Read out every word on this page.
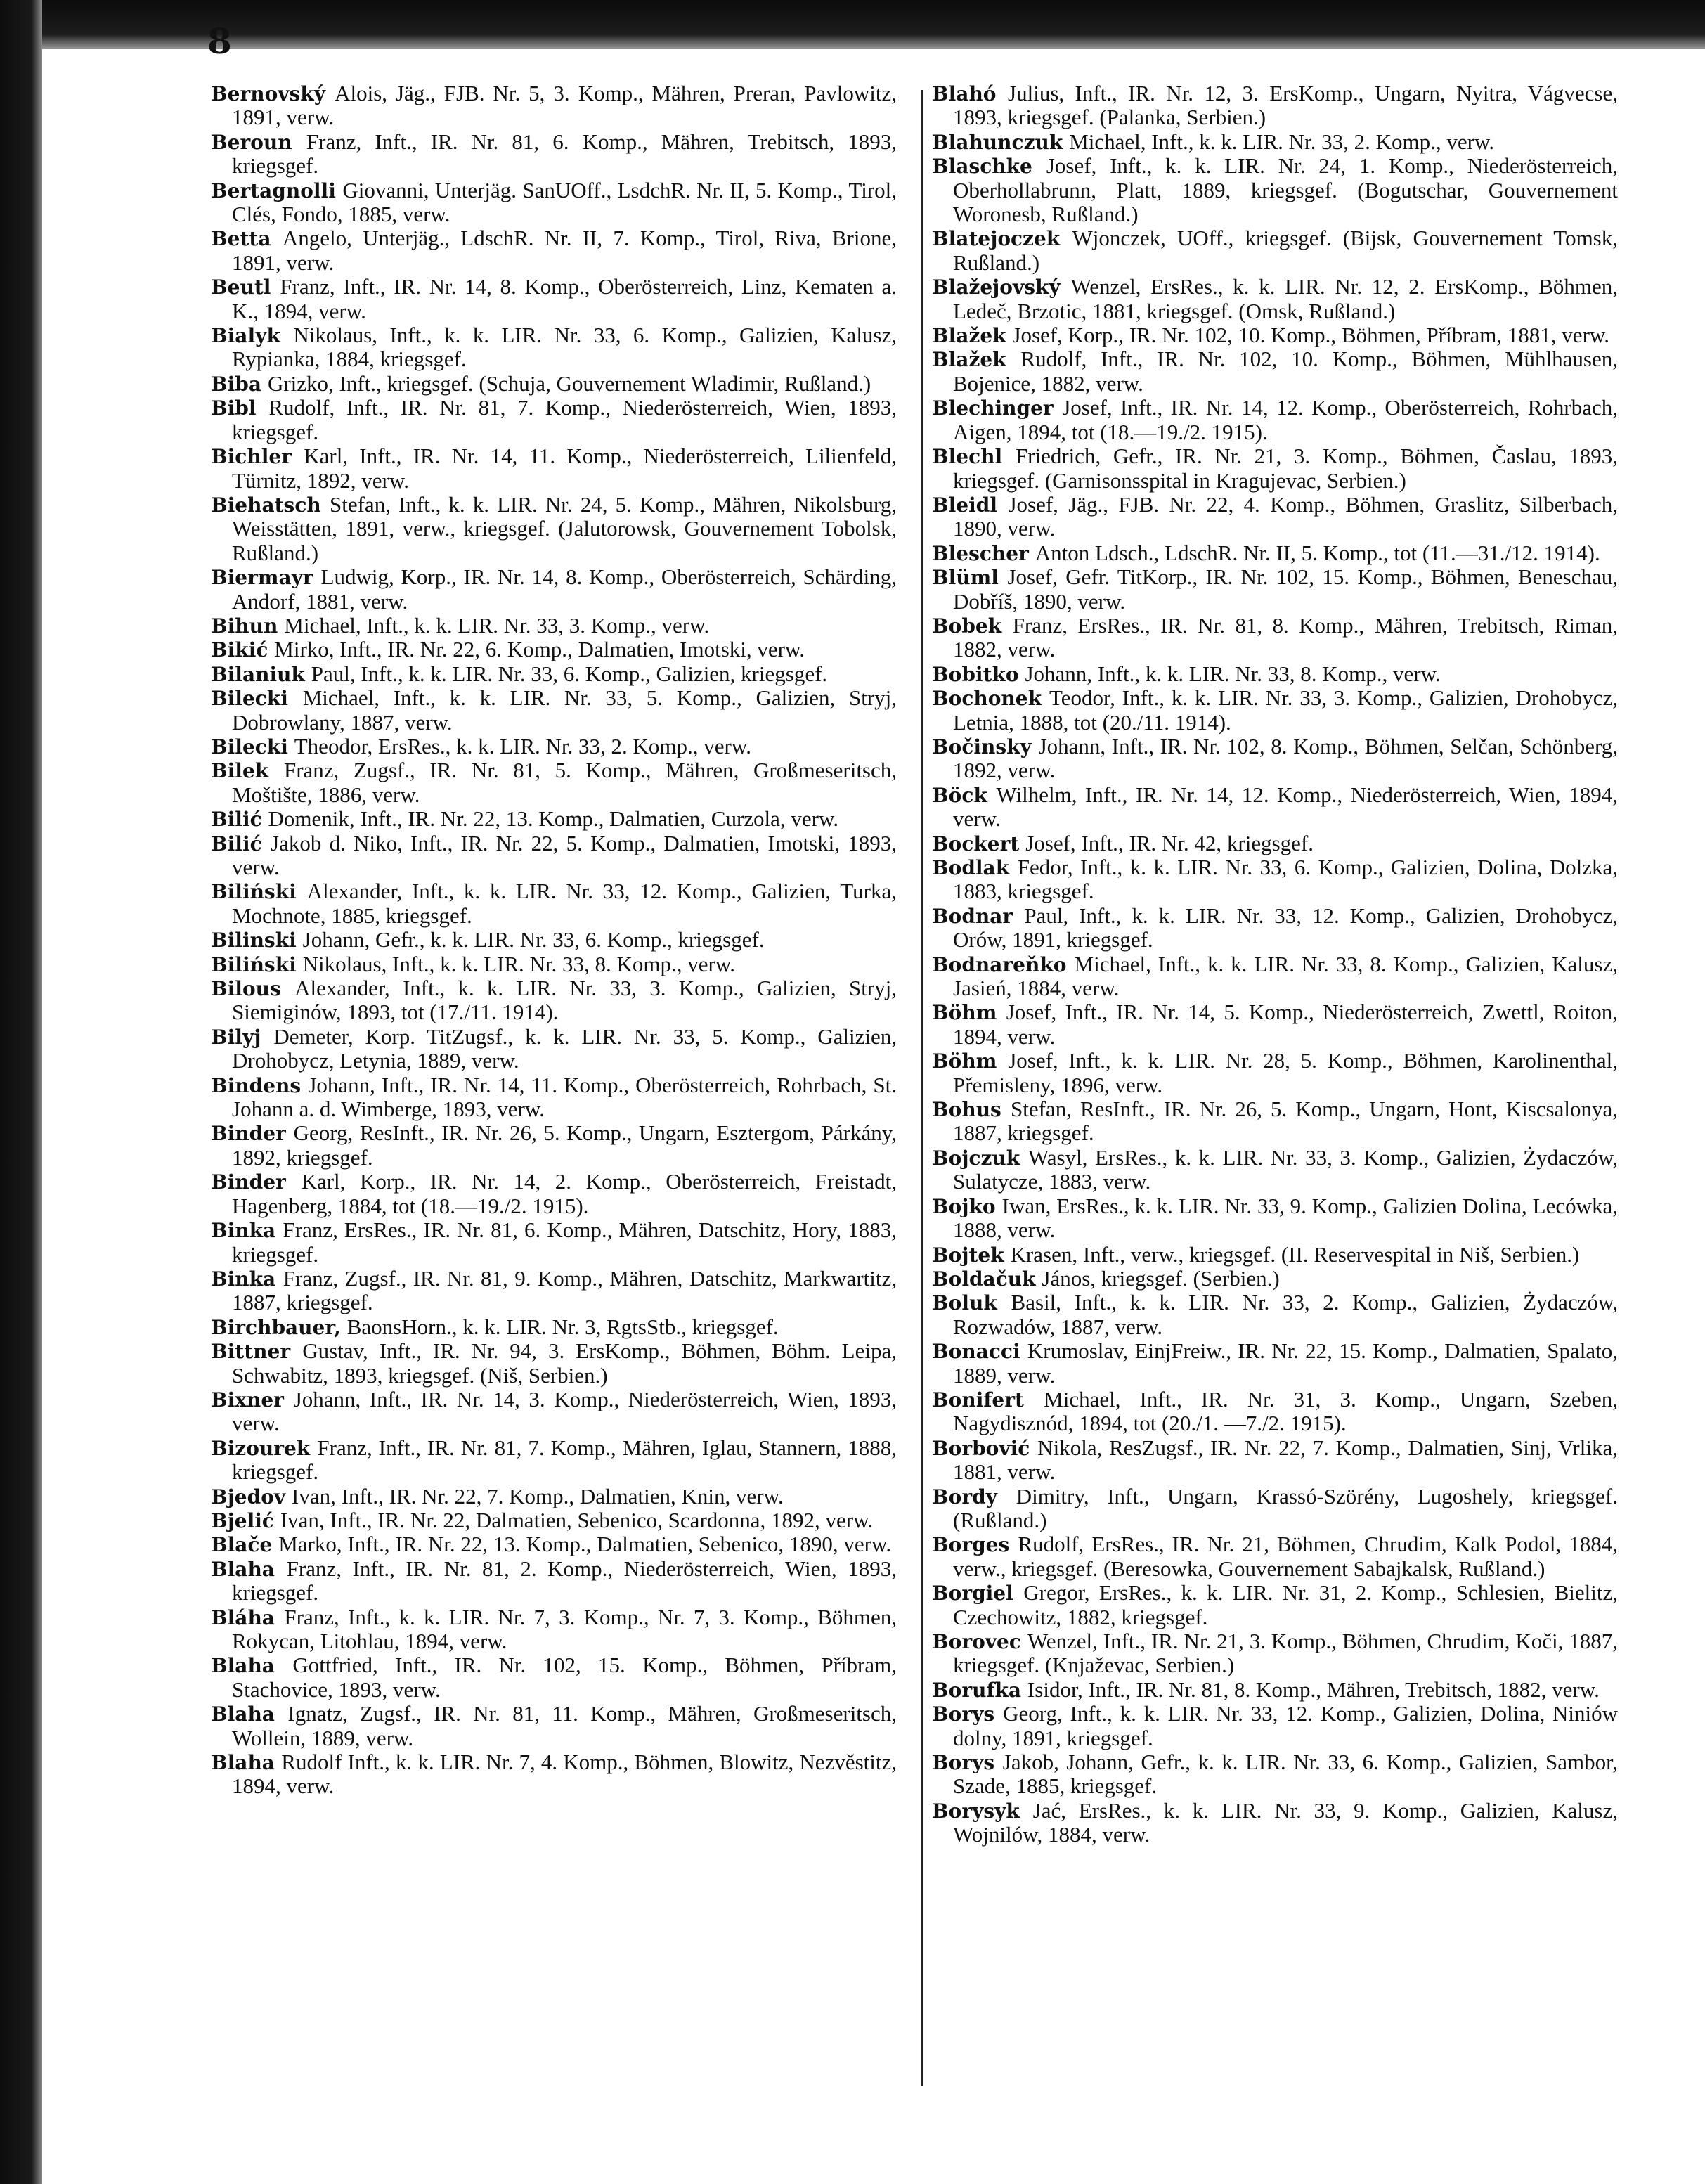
8
Bernovský Alois, Jäg., FJB. Nr. 5, 3. Komp., Mähren, Preran, Pavlowitz, 1891, verw.
Beroun Franz, Inft., IR. Nr. 81, 6. Komp., Mähren, Trebitsch, 1893, kriegsgef.
Bertagnolli Giovanni, Unterjäg. SanUOff., LsdchR. Nr. II, 5. Komp., Tirol, Clés, Fondo, 1885, verw.
Betta Angelo, Unterjäg., LdschR. Nr. II, 7. Komp., Tirol, Riva, Brione, 1891, verw.
Beutl Franz, Inft., IR. Nr. 14, 8. Komp., Oberösterreich, Linz, Kematen a. K., 1894, verw.
Bialyk Nikolaus, Inft., k. k. LIR. Nr. 33, 6. Komp., Galizien, Kalusz, Rypianka, 1884, kriegsgef.
Biba Grizko, Inft., kriegsgef. (Schuja, Gouvernement Wladimir, Rußland.)
Bibl Rudolf, Inft., IR. Nr. 81, 7. Komp., Niederösterreich, Wien, 1893, kriegsgef.
Bichler Karl, Inft., IR. Nr. 14, 11. Komp., Niederösterreich, Lilienfeld, Türnitz, 1892, verw.
Biehatsch Stefan, Inft., k. k. LIR. Nr. 24, 5. Komp., Mähren, Nikolsburg, Weisstätten, 1891, verw., kriegsgef. (Jalutorowsk, Gouvernement Tobolsk, Rußland.)
Biermayr Ludwig, Korp., IR. Nr. 14, 8. Komp., Oberösterreich, Schärding, Andorf, 1881, verw.
Bihun Michael, Inft., k. k. LIR. Nr. 33, 3. Komp., verw.
Bikić Mirko, Inft., IR. Nr. 22, 6. Komp., Dalmatien, Imotski, verw.
Bilaniuk Paul, Inft., k. k. LIR. Nr. 33, 6. Komp., Galizien, kriegsgef.
Bilecki Michael, Inft., k. k. LIR. Nr. 33, 5. Komp., Galizien, Stryj, Dobrowlany, 1887, verw.
Bilecki Theodor, ErsRes., k. k. LIR. Nr. 33, 2. Komp., verw.
Bilek Franz, Zugsf., IR. Nr. 81, 5. Komp., Mähren, Großmeseritsch, Moštište, 1886, verw.
Bilić Domenik, Inft., IR. Nr. 22, 13. Komp., Dalmatien, Curzola, verw.
Bilić Jakob d. Niko, Inft., IR. Nr. 22, 5. Komp., Dalmatien, Imotski, 1893, verw.
Biliński Alexander, Inft., k. k. LIR. Nr. 33, 12. Komp., Galizien, Turka, Mochnote, 1885, kriegsgef.
Bilinski Johann, Gefr., k. k. LIR. Nr. 33, 6. Komp., kriegsgef.
Biliński Nikolaus, Inft., k. k. LIR. Nr. 33, 8. Komp., verw.
Bilous Alexander, Inft., k. k. LIR. Nr. 33, 3. Komp., Galizien, Stryj, Siemiginów, 1893, tot (17./11. 1914).
Bilyj Demeter, Korp. TitZugsf., k. k. LIR. Nr. 33, 5. Komp., Galizien, Drohobycz, Letynia, 1889, verw.
Bindens Johann, Inft., IR. Nr. 14, 11. Komp., Oberösterreich, Rohrbach, St. Johann a. d. Wimberge, 1893, verw.
Binder Georg, ResInft., IR. Nr. 26, 5. Komp., Ungarn, Esztergom, Párkány, 1892, kriegsgef.
Binder Karl, Korp., IR. Nr. 14, 2. Komp., Oberösterreich, Freistadt, Hagenberg, 1884, tot (18.—19./2. 1915).
Binka Franz, ErsRes., IR. Nr. 81, 6. Komp., Mähren, Datschitz, Hory, 1883, kriegsgef.
Binka Franz, Zugsf., IR. Nr. 81, 9. Komp., Mähren, Datschitz, Markwartitz, 1887, kriegsgef.
Birchbauer, BaonsHorn., k. k. LIR. Nr. 3, RgtsStb., kriegsgef.
Bittner Gustav, Inft., IR. Nr. 94, 3. ErsKomp., Böhmen, Böhm. Leipa, Schwabitz, 1893, kriegsgef. (Niš, Serbien.)
Bixner Johann, Inft., IR. Nr. 14, 3. Komp., Niederösterreich, Wien, 1893, verw.
Bizourek Franz, Inft., IR. Nr. 81, 7. Komp., Mähren, Iglau, Stannern, 1888, kriegsgef.
Bjedov Ivan, Inft., IR. Nr. 22, 7. Komp., Dalmatien, Knin, verw.
Bjelić Ivan, Inft., IR. Nr. 22, Dalmatien, Sebenico, Scardonna, 1892, verw.
Blače Marko, Inft., IR. Nr. 22, 13. Komp., Dalmatien, Sebenico, 1890, verw.
Blaha Franz, Inft., IR. Nr. 81, 2. Komp., Niederösterreich, Wien, 1893, kriegsgef.
Bláha Franz, Inft., k. k. LIR. Nr. 7, 3. Komp., Nr. 7, 3. Komp., Böhmen, Rokycan, Litohlau, 1894, verw.
Blaha Gottfried, Inft., IR. Nr. 102, 15. Komp., Böhmen, Příbram, Stachovice, 1893, verw.
Blaha Ignatz, Zugsf., IR. Nr. 81, 11. Komp., Mähren, Großmeseritsch, Wollein, 1889, verw.
Blaha Rudolf Inft., k. k. LIR. Nr. 7, 4. Komp., Böhmen, Blowitz, Nezvěstitz, 1894, verw.
Blahó Julius, Inft., IR. Nr. 12, 3. ErsKomp., Ungarn, Nyitra, Vágvecse, 1893, kriegsgef. (Palanka, Serbien.)
Blahunczuk Michael, Inft., k. k. LIR. Nr. 33, 2. Komp., verw.
Blaschke Josef, Inft., k. k. LIR. Nr. 24, 1. Komp., Niederösterreich, Oberhollabrunn, Platt, 1889, kriegsgef. (Bogutschar, Gouvernement Woronesb, Rußland.)
Blatejoczek Wjonczek, UOff., kriegsgef. (Bijsk, Gouvernement Tomsk, Rußland.)
Blažejovský Wenzel, ErsRes., k. k. LIR. Nr. 12, 2. ErsKomp., Böhmen, Ledeč, Brzotic, 1881, kriegsgef. (Omsk, Rußland.)
Blažek Josef, Korp., IR. Nr. 102, 10. Komp., Böhmen, Příbram, 1881, verw.
Blažek Rudolf, Inft., IR. Nr. 102, 10. Komp., Böhmen, Mühlhausen, Bojenice, 1882, verw.
Blechinger Josef, Inft., IR. Nr. 14, 12. Komp., Oberösterreich, Rohrbach, Aigen, 1894, tot (18.—19./2. 1915).
Blechl Friedrich, Gefr., IR. Nr. 21, 3. Komp., Böhmen, Časlau, 1893, kriegsgef. (Garnisonsspital in Kragujevac, Serbien.)
Bleidl Josef, Jäg., FJB. Nr. 22, 4. Komp., Böhmen, Graslitz, Silberbach, 1890, verw.
Blescher Anton Ldsch., LdschR. Nr. II, 5. Komp., tot (11.—31./12. 1914).
Blüml Josef, Gefr. TitKorp., IR. Nr. 102, 15. Komp., Böhmen, Beneschau, Dobříš, 1890, verw.
Bobek Franz, ErsRes., IR. Nr. 81, 8. Komp., Mähren, Trebitsch, Riman, 1882, verw.
Bobitko Johann, Inft., k. k. LIR. Nr. 33, 8. Komp., verw.
Bochonek Teodor, Inft., k. k. LIR. Nr. 33, 3. Komp., Galizien, Drohobycz, Letnia, 1888, tot (20./11. 1914).
Bočinsky Johann, Inft., IR. Nr. 102, 8. Komp., Böhmen, Selčan, Schönberg, 1892, verw.
Böck Wilhelm, Inft., IR. Nr. 14, 12. Komp., Niederösterreich, Wien, 1894, verw.
Bockert Josef, Inft., IR. Nr. 42, kriegsgef.
Bodlak Fedor, Inft., k. k. LIR. Nr. 33, 6. Komp., Galizien, Dolina, Dolzka, 1883, kriegsgef.
Bodnar Paul, Inft., k. k. LIR. Nr. 33, 12. Komp., Galizien, Drohobycz, Orów, 1891, kriegsgef.
Bodnareňko Michael, Inft., k. k. LIR. Nr. 33, 8. Komp., Galizien, Kalusz, Jasień, 1884, verw.
Böhm Josef, Inft., IR. Nr. 14, 5. Komp., Niederösterreich, Zwettl, Roiton, 1894, verw.
Böhm Josef, Inft., k. k. LIR. Nr. 28, 5. Komp., Böhmen, Karolinenthal, Přemisleny, 1896, verw.
Bohus Stefan, ResInft., IR. Nr. 26, 5. Komp., Ungarn, Hont, Kiscsalonya, 1887, kriegsgef.
Bojczuk Wasyl, ErsRes., k. k. LIR. Nr. 33, 3. Komp., Galizien, Żydaczów, Sulatycze, 1883, verw.
Bojko Iwan, ErsRes., k. k. LIR. Nr. 33, 9. Komp., Galizien Dolina, Lecówka, 1888, verw.
Bojtek Krasen, Inft., verw., kriegsgef. (II. Reservespital in Niš, Serbien.)
Boldačuk János, kriegsgef. (Serbien.)
Boluk Basil, Inft., k. k. LIR. Nr. 33, 2. Komp., Galizien, Żydaczów, Rozwadów, 1887, verw.
Bonacci Krumoslav, EinjFreiw., IR. Nr. 22, 15. Komp., Dalmatien, Spalato, 1889, verw.
Bonifert Michael, Inft., IR. Nr. 31, 3. Komp., Ungarn, Szeben, Nagydisznód, 1894, tot (20./1. —7./2. 1915).
Borbović Nikola, ResZugsf., IR. Nr. 22, 7. Komp., Dalmatien, Sinj, Vrlika, 1881, verw.
Bordy Dimitry, Inft., Ungarn, Krassó-Szörény, Lugoshely, kriegsgef. (Rußland.)
Borges Rudolf, ErsRes., IR. Nr. 21, Böhmen, Chrudim, Kalk Podol, 1884, verw., kriegsgef. (Beresowka, Gouvernement Sabajkalsk, Rußland.)
Borgiel Gregor, ErsRes., k. k. LIR. Nr. 31, 2. Komp., Schlesien, Bielitz, Czechowitz, 1882, kriegsgef.
Borovec Wenzel, Inft., IR. Nr. 21, 3. Komp., Böhmen, Chrudim, Koči, 1887, kriegsgef. (Knjaževac, Serbien.)
Borufka Isidor, Inft., IR. Nr. 81, 8. Komp., Mähren, Trebitsch, 1882, verw.
Borys Georg, Inft., k. k. LIR. Nr. 33, 12. Komp., Galizien, Dolina, Niniów dolny, 1891, kriegsgef.
Borys Jakob, Johann, Gefr., k. k. LIR. Nr. 33, 6. Komp., Galizien, Sambor, Szade, 1885, kriegsgef.
Borysyk Jać, ErsRes., k. k. LIR. Nr. 33, 9. Komp., Galizien, Kalusz, Wojnilów, 1884, verw.
